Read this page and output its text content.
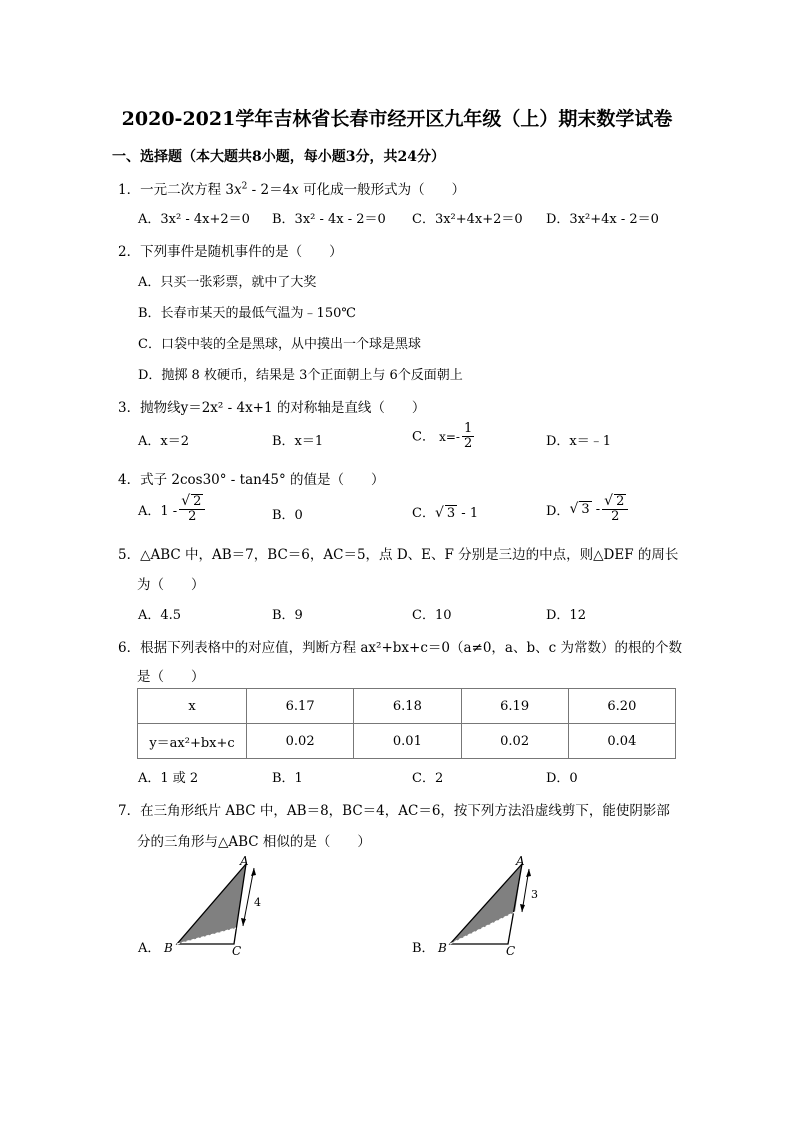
2020-2021学年吉林省长春市经开区九年级（上）期末数学试卷
一、选择题（本大题共8小题，每小题3分，共24分）
1．一元二次方程 $3x^2 - 2=4x$ 可化成一般形式为（　　）
A．3x² - 4x+2＝0 B．3x² - 4x - 2＝0 C．3x²+4x+2＝0 D．3x²+4x - 2＝0
2．下列事件是随机事件的是（　　）
A．只买一张彩票，就中了大奖
B．长春市某天的最低气温为﹣150℃
C．口袋中装的全是黑球，从中摸出一个球是黑球
D．抛掷 8 枚硬币，结果是 3个正面朝上与 6个反面朝上
3．抛物线y＝2x² - 4x+1 的对称轴是直线（　　）
A．x＝2	B．x＝1	C． $x=- \frac{1}{2}$	D．x＝﹣1
4．式子 2cos30° - tan45° 的值是（　　）
A．$1 - \frac{√ 2}{2}$	B．0	C．√ 3 - 1	D．√ $3 - \frac{√ 2}{2}$
5．△ABC 中，AB＝7，BC＝6，AC＝5，点 D、E、F 分别是三边的中点，则△DEF 的周长
为（　　）
A．4.5	B．9	C．10	D．12
6．根据下列表格中的对应值，判断方程 ax²+bx+c＝0（a≠0，a、b、c 为常数）的根的个数
是（　　）
x	6.17	6.18	6.19	6.20
y＝ax²+bx+c	0.02	0.01	0.02	0.04
A．1 或 2	B．1	C．2	D．0
7．在三角形纸片 ABC 中，AB＝8，BC＝4，AC＝6，按下列方法沿虚线剪下，能使阴影部
分的三角形与△ABC 相似的是（　　）
A．
A
B	C
4
B．
A
B	C
3
